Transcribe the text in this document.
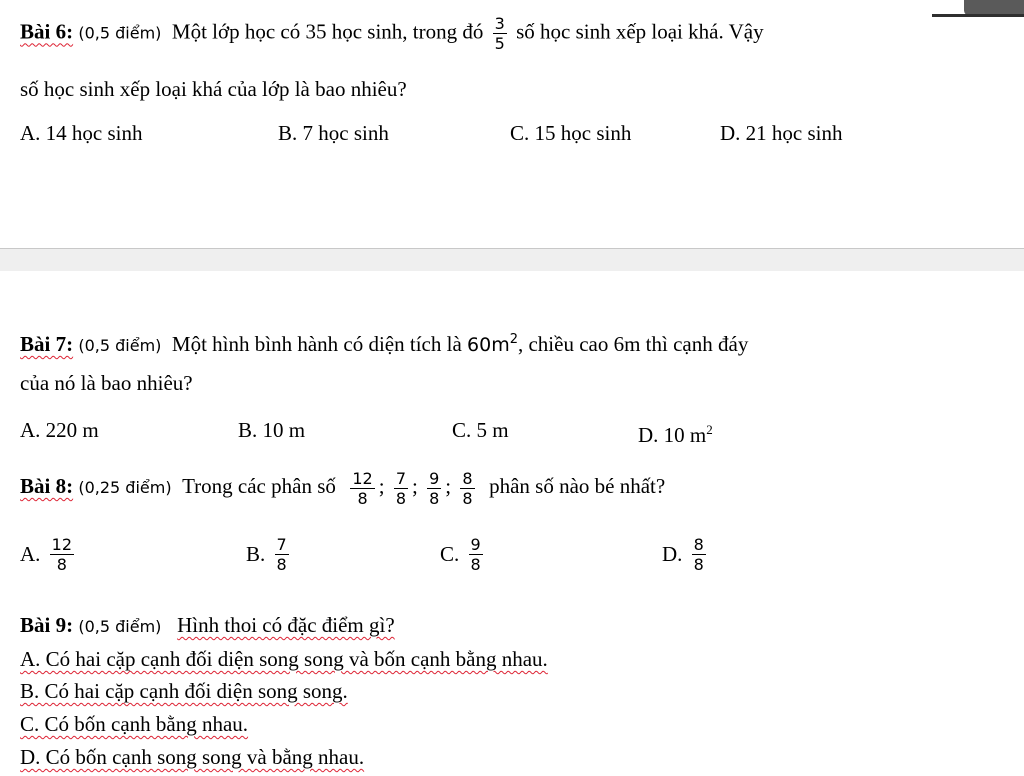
Bài 6: (0,5 điểm) Một lớp học có 35 học sinh, trong đó $\frac{3}{5}$ số học sinh xếp loại khá. Vậy
số học sinh xếp loại khá của lớp là bao nhiêu?
A. 14 học sinh	B. 7 học sinh	C. 15 học sinh	D. 21 học sinh
Bài 7: (0,5 điểm) Một hình bình hành có diện tích là $60m^2$, chiều cao 6m thì cạnh đáy
của nó là bao nhiêu?
A. 220 m	B. 10 m	C. 5 m	D. 10 $m^2$
Bài 8: (0,25 điểm) Trong các phân số $\frac{12}{8}$ ; $\frac{7}{8}$ ; $\frac{9}{8}$ ; $\frac{8}{8}$ phân số nào bé nhất?
A. $\frac{12}{8}$	B. $\frac{7}{8}$	C. $\frac{9}{8}$	D. $\frac{8}{8}$
Bài 9: (0,5 điểm) Hình thoi có đặc điểm gì?
A. Có hai cặp cạnh đối diện song song và bốn cạnh bằng nhau.
B. Có hai cặp cạnh đối diện song song.
C. Có bốn cạnh bằng nhau.
D. Có bốn cạnh song song và bằng nhau.
